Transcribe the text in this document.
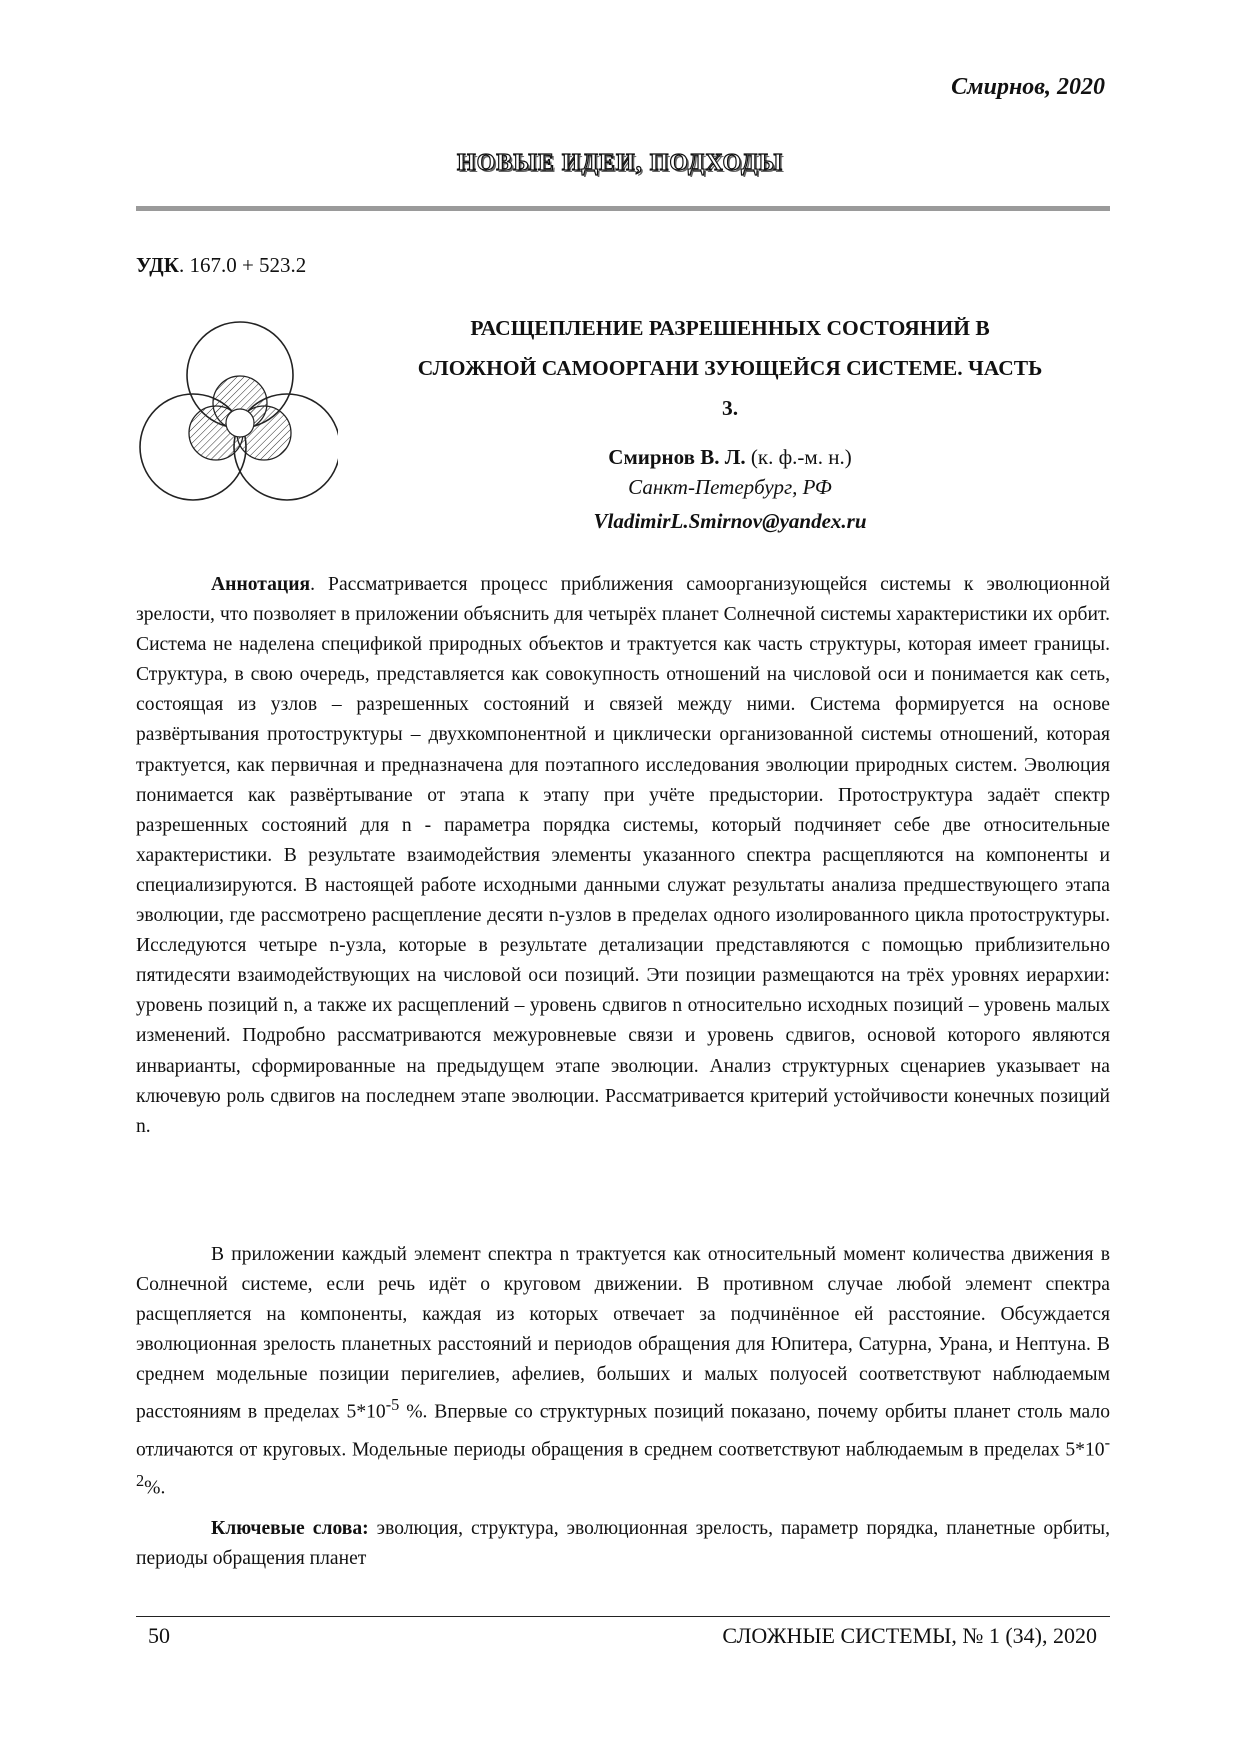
Смирнов, 2020
НОВЫЕ ИДЕИ, ПОДХОДЫ
УДК. 167.0 + 523.2
РАСЩЕПЛЕНИЕ РАЗРЕШЕННЫХ СОСТОЯНИЙ В
СЛОЖНОЙ САМООРГАНИ ЗУЮЩЕЙСЯ СИСТЕМЕ. ЧАСТЬ
3.
Смирнов В. Л. (к. ф.-м. н.)
Санкт-Петербург, РФ
VladimirL.Smirnov@yandex.ru

Аннотация. Рассматривается процесс приближения самоорганизующейся системы к эволюционной зрелости, что позволяет в приложении объяснить для четырёх планет Солнечной системы характеристики их орбит. Система не наделена спецификой природных объектов и трактуется как часть структуры, которая имеет границы. Структура, в свою очередь, представляется как совокупность отношений на числовой оси и понимается как сеть, состоящая из узлов – разрешенных состояний и связей между ними. Система формируется на основе развёртывания протоструктуры – двухкомпонентной и циклически организованной системы отношений, которая трактуется, как первичная и предназначена для поэтапного исследования эволюции природных систем. Эволюция понимается как развёртывание от этапа к этапу при учёте предыстории. Протоструктура задаёт спектр разрешенных состояний для n - параметра порядка системы, который подчиняет себе две относительные характеристики. В результате взаимодействия элементы указанного спектра расщепляются на компоненты и специализируются. В настоящей работе исходными данными служат результаты анализа предшествующего этапа эволюции, где рассмотрено расщепление десяти n-узлов в пределах одного изолированного цикла протоструктуры. Исследуются четыре n-узла, которые в результате детализации представляются с помощью приблизительно пятидесяти взаимодействующих на числовой оси позиций. Эти позиции размещаются на трёх уровнях иерархии: уровень позиций n, а также их расщеплений – уровень сдвигов n относительно исходных позиций – уровень малых изменений. Подробно рассматриваются межуровневые связи и уровень сдвигов, основой которого являются инварианты, сформированные на предыдущем этапе эволюции. Анализ структурных сценариев указывает на ключевую роль сдвигов на последнем этапе эволюции. Рассматривается критерий устойчивости конечных позиций n.

В приложении каждый элемент спектра n трактуется как относительный момент количества движения в Солнечной системе, если речь идёт о круговом движении. В противном случае любой элемент спектра расщепляется на компоненты, каждая из которых отвечает за подчинённое ей расстояние. Обсуждается эволюционная зрелость планетных расстояний и периодов обращения для Юпитера, Сатурна, Урана, и Нептуна. В среднем модельные позиции перигелиев, афелиев, больших и малых полуосей соответствуют наблюдаемым расстояниям в пределах $5*10^{-5}$ %. Впервые со структурных позиций показано, почему орбиты планет столь мало отличаются от круговых. Модельные периоды обращения в среднем соответствуют наблюдаемым в пределах $5*10^{-2}\%$.

Ключевые слова: эволюция, структура, эволюционная зрелость, параметр порядка, планетные орбиты, периоды обращения планет

50	СЛОЖНЫЕ СИСТЕМЫ, № 1 (34), 2020
